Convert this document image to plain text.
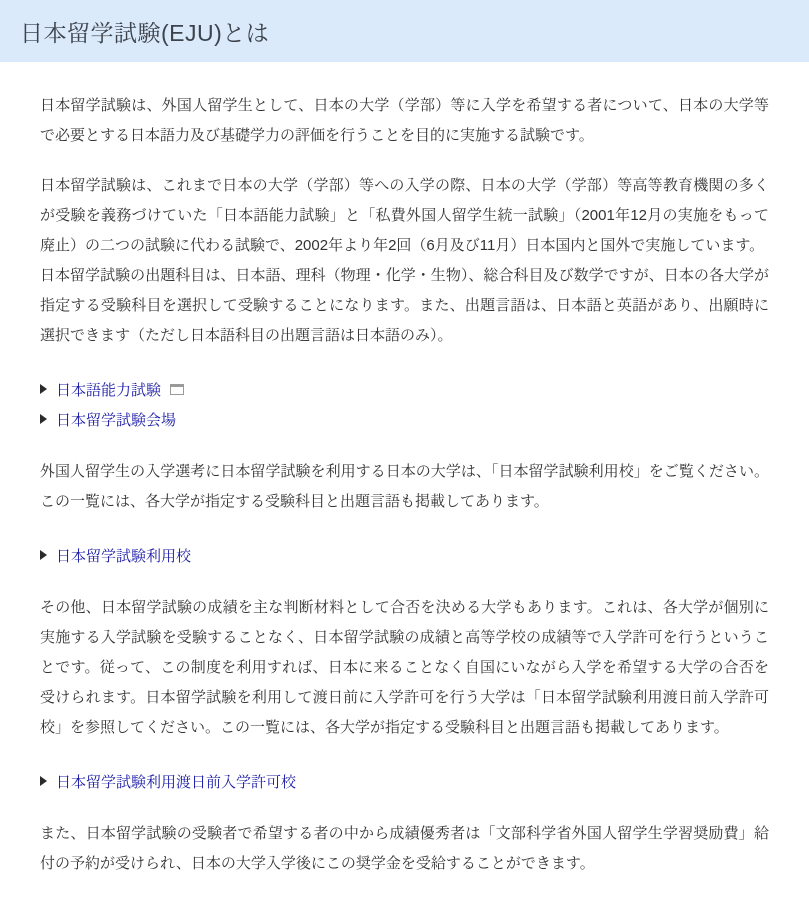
日本留学試験(EJU)とは

日本留学試験は、外国人留学生として、日本の大学（学部）等に入学を希望する者について、日本の大学等で必要とする日本語力及び基礎学力の評価を行うことを目的に実施する試験です。

日本留学試験は、これまで日本の大学（学部）等への入学の際、日本の大学（学部）等高等教育機関の多くが受験を義務づけていた「日本語能力試験」と「私費外国人留学生統一試験」（2001年12月の実施をもって廃止）の二つの試験に代わる試験で、2002年より年2回（6月及び11月）日本国内と国外で実施しています。

日本留学試験の出題科目は、日本語、理科（物理・化学・生物）、総合科目及び数学ですが、日本の各大学が指定する受験科目を選択して受験することになります。また、出題言語は、日本語と英語があり、出願時に選択できます（ただし日本語科目の出題言語は日本語のみ）。

日本語能力試験
日本留学試験会場

外国人留学生の入学選考に日本留学試験を利用する日本の大学は、「日本留学試験利用校」をご覧ください。この一覧には、各大学が指定する受験科目と出題言語も掲載してあります。

日本留学試験利用校

その他、日本留学試験の成績を主な判断材料として合否を決める大学もあります。これは、各大学が個別に実施する入学試験を受験することなく、日本留学試験の成績と高等学校の成績等で入学許可を行うということです。従って、この制度を利用すれば、日本に来ることなく自国にいながら入学を希望する大学の合否を受けられます。日本留学試験を利用して渡日前に入学許可を行う大学は「日本留学試験利用渡日前入学許可校」を参照してください。この一覧には、各大学が指定する受験科目と出題言語も掲載してあります。

日本留学試験利用渡日前入学許可校

また、日本留学試験の受験者で希望する者の中から成績優秀者は「文部科学省外国人留学生学習奨励費」給付の予約が受けられ、日本の大学入学後にこの奨学金を受給することができます。
